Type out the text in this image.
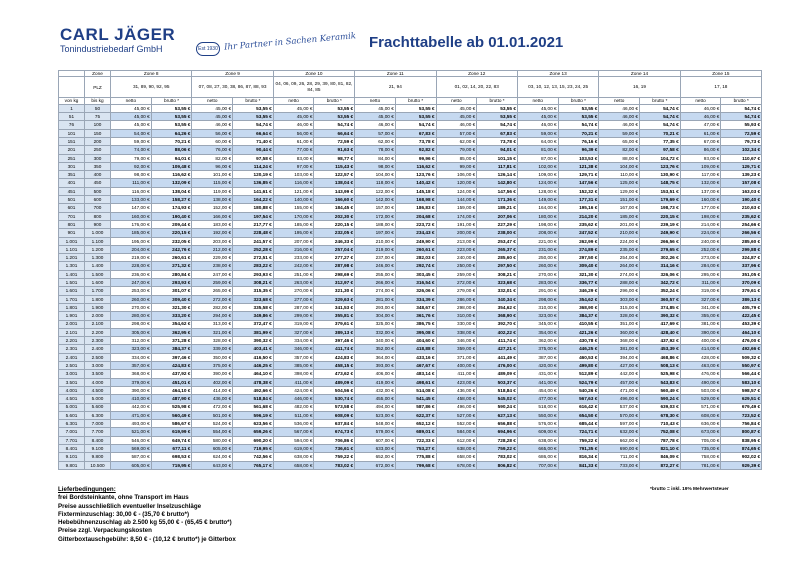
CARL JÄGER
Tonindustriebedarf GmbH	Est 1930 Ihr Partner in Sachen Keramik Frachttabelle ab 01.01.2021
	Zone	Zone 8		Zone 9		Zone 10		Zone 11		Zone 12		Zone 13		Zone 14		Zone 15	
	PLZ	31, 89, 90, 92, 95		07, 08, 27, 30, 38, 86, 87, 88, 93		04, 06, 09, 26, 28, 29, 39, 80, 81, 82, 84, 85		21, 94		01, 02, 14, 20, 22, 83		03, 10, 12, 13, 15, 23, 24, 25		16, 19		17, 18	
von kg	bis kg	netto	brutto *	netto	brutto *	netto	brutto *	netto	brutto *	netto	brutto *	netto	brutto *	netto	brutto *	netto	brutto *
1	50	45,00 €	53,55 €	45,00 €	53,55 €	45,00 €	53,55 €	45,00 €	53,55 €	45,00 €	53,55 €	45,00 €	53,55 €	46,00 €	54,74 €	46,00 €	54,74 €
51	75	45,00 €	53,55 €	45,00 €	53,55 €	45,00 €	53,55 €	45,00 €	53,55 €	45,00 €	53,55 €	45,00 €	53,55 €	46,00 €	54,74 €	46,00 €	54,74 €
76	100	45,00 €	53,55 €	46,00 €	54,74 €	46,00 €	54,74 €	46,00 €	54,74 €	46,00 €	54,74 €	46,00 €	54,74 €	46,00 €	54,74 €	47,00 €	55,93 €
101	150	54,00 €	64,26 €	56,00 €	66,64 €	56,00 €	66,64 €	57,00 €	67,83 €	57,00 €	67,83 €	59,00 €	70,21 €	59,00 €	70,21 €	61,00 €	72,59 €
151	200	59,00 €	70,21 €	60,00 €	71,40 €	61,00 €	72,59 €	62,00 €	73,78 €	62,00 €	73,78 €	64,00 €	76,16 €	65,00 €	77,35 €	67,00 €	79,73 €
201	250	74,00 €	88,06 €	76,00 €	90,44 €	77,00 €	91,63 €	78,00 €	92,82 €	79,00 €	94,01 €	81,00 €	96,39 €	82,00 €	97,58 €	86,00 €	102,34 €
251	300	79,00 €	94,01 €	82,00 €	97,58 €	83,00 €	98,77 €	84,00 €	99,96 €	85,00 €	101,15 €	87,00 €	103,53 €	88,00 €	104,72 €	93,00 €	110,67 €
301	350	92,00 €	109,48 €	96,00 €	114,24 €	97,00 €	115,43 €	98,00 €	116,62 €	99,00 €	117,81 €	102,00 €	121,38 €	104,00 €	123,76 €	109,00 €	129,71 €
351	400	98,00 €	116,62 €	101,00 €	120,19 €	103,00 €	122,57 €	104,00 €	123,76 €	106,00 €	126,14 €	109,00 €	129,71 €	110,00 €	130,90 €	117,00 €	139,23 €
401	450	111,00 €	132,09 €	115,00 €	136,85 €	116,00 €	138,04 €	118,00 €	140,42 €	120,00 €	142,80 €	124,00 €	147,56 €	125,00 €	148,75 €	132,00 €	157,08 €
451	500	116,00 €	138,04 €	119,00 €	141,61 €	121,00 €	143,99 €	122,00 €	145,18 €	124,00 €	147,56 €	128,00 €	152,32 €	129,00 €	153,51 €	137,00 €	163,03 €
501	600	133,00 €	158,27 €	138,00 €	164,22 €	140,00 €	166,60 €	142,00 €	168,98 €	144,00 €	171,36 €	149,00 €	177,31 €	151,00 €	179,69 €	160,00 €	190,40 €
601	700	147,00 €	174,93 €	152,00 €	180,88 €	155,00 €	184,45 €	157,00 €	186,83 €	159,00 €	189,21 €	164,00 €	195,16 €	167,00 €	198,73 €	177,00 €	210,63 €
701	800	160,00 €	190,40 €	166,00 €	197,54 €	170,00 €	202,30 €	172,00 €	204,68 €	174,00 €	207,06 €	180,00 €	214,20 €	185,00 €	220,15 €	198,00 €	235,62 €
801	900	176,00 €	209,44 €	183,00 €	217,77 €	185,00 €	220,15 €	188,00 €	223,72 €	191,00 €	227,29 €	198,00 €	235,62 €	201,00 €	239,19 €	214,00 €	254,66 €
901	1.000	185,00 €	220,15 €	192,00 €	228,48 €	195,00 €	232,05 €	197,00 €	234,43 €	200,00 €	238,00 €	208,00 €	247,52 €	210,00 €	249,90 €	224,00 €	266,56 €
1.001	1.100	195,00 €	232,05 €	203,00 €	241,57 €	207,00 €	246,33 €	210,00 €	249,90 €	213,00 €	253,47 €	221,00 €	262,99 €	224,00 €	266,56 €	240,00 €	285,60 €
1.101	1.200	204,00 €	242,76 €	212,00 €	252,28 €	216,00 €	257,04 €	219,00 €	260,61 €	223,00 €	265,37 €	231,00 €	274,89 €	235,00 €	279,65 €	252,00 €	299,88 €
1.201	1.300	219,00 €	260,61 €	229,00 €	272,51 €	233,00 €	277,27 €	237,00 €	282,03 €	240,00 €	285,60 €	250,00 €	297,50 €	254,00 €	302,26 €	273,00 €	324,87 €
1.301	1.400	228,00 €	271,32 €	238,00 €	283,22 €	242,00 €	287,98 €	246,00 €	292,74 €	250,00 €	297,50 €	260,00 €	309,40 €	264,00 €	314,16 €	284,00 €	337,96 €
1.401	1.500	236,00 €	280,84 €	247,00 €	293,93 €	251,00 €	298,69 €	255,00 €	303,45 €	259,00 €	308,21 €	270,00 €	321,30 €	274,00 €	326,06 €	295,00 €	351,05 €
1.501	1.600	247,00 €	293,93 €	259,00 €	308,21 €	263,00 €	312,97 €	266,00 €	316,54 €	272,00 €	323,68 €	283,00 €	336,77 €	288,00 €	342,72 €	311,00 €	370,09 €
1.601	1.700	253,00 €	301,07 €	265,00 €	315,35 €	270,00 €	321,30 €	274,00 €	326,06 €	279,00 €	332,01 €	291,00 €	346,29 €	296,00 €	352,24 €	319,00 €	379,61 €
1.701	1.800	260,00 €	309,40 €	272,00 €	323,68 €	277,00 €	329,63 €	281,00 €	334,39 €	286,00 €	340,34 €	298,00 €	354,62 €	303,00 €	360,57 €	327,00 €	389,13 €
1.801	1.900	270,00 €	321,30 €	282,00 €	335,58 €	287,00 €	341,53 €	293,00 €	348,67 €	298,00 €	354,62 €	310,00 €	368,90 €	315,00 €	374,85 €	341,00 €	405,79 €
1.901	2.000	280,00 €	333,20 €	294,00 €	349,86 €	299,00 €	355,81 €	304,00 €	361,76 €	310,00 €	368,90 €	323,00 €	384,37 €	328,00 €	390,32 €	355,00 €	422,45 €
2.001	2.100	298,00 €	354,62 €	313,00 €	372,47 €	319,00 €	379,61 €	325,00 €	386,75 €	330,00 €	392,70 €	345,00 €	410,55 €	351,00 €	417,69 €	381,00 €	453,39 €
2.101	2.200	305,00 €	362,95 €	321,00 €	381,99 €	327,00 €	389,13 €	332,00 €	395,08 €	338,00 €	402,22 €	354,00 €	421,26 €	360,00 €	428,40 €	390,00 €	464,10 €
2.201	2.300	312,00 €	371,28 €	328,00 €	390,32 €	334,00 €	397,46 €	340,00 €	404,60 €	346,00 €	411,74 €	362,00 €	430,78 €	368,00 €	437,92 €	400,00 €	476,00 €
2.301	2.400	323,00 €	384,37 €	339,00 €	403,41 €	346,00 €	411,74 €	352,00 €	418,88 €	359,00 €	427,21 €	375,00 €	446,25 €	381,00 €	453,39 €	414,00 €	492,66 €
2.401	2.500	334,00 €	397,46 €	350,00 €	416,50 €	357,00 €	424,83 €	364,00 €	433,16 €	371,00 €	441,49 €	387,00 €	460,53 €	394,00 €	468,86 €	428,00 €	509,32 €
2.501	3.000	357,00 €	424,83 €	375,00 €	446,25 €	385,00 €	458,15 €	393,00 €	467,67 €	400,00 €	476,00 €	420,00 €	499,80 €	427,00 €	508,13 €	463,00 €	550,97 €
3.001	3.500	368,00 €	437,92 €	390,00 €	464,10 €	398,00 €	473,62 €	406,00 €	483,14 €	411,00 €	489,09 €	431,00 €	512,89 €	442,00 €	525,98 €	476,00 €	566,44 €
3.501	4.000	379,00 €	451,01 €	402,00 €	478,38 €	411,00 €	489,09 €	419,00 €	498,61 €	423,00 €	503,37 €	441,00 €	524,79 €	457,00 €	543,83 €	490,00 €	583,10 €
4.001	4.500	390,00 €	464,10 €	414,00 €	492,66 €	424,00 €	504,56 €	432,00 €	514,08 €	436,00 €	518,84 €	454,00 €	540,26 €	471,00 €	560,49 €	503,00 €	598,57 €
4.501	5.000	410,00 €	487,90 €	436,00 €	518,84 €	446,00 €	530,74 €	455,00 €	541,45 €	458,00 €	545,02 €	477,00 €	567,63 €	496,00 €	590,24 €	529,00 €	629,51 €
5.001	5.600	442,00 €	525,98 €	472,00 €	561,68 €	482,00 €	573,58 €	494,00 €	587,86 €	496,00 €	590,24 €	518,00 €	616,42 €	537,00 €	639,03 €	571,00 €	679,49 €
5.601	6.300	471,00 €	560,49 €	501,00 €	596,19 €	511,00 €	608,09 €	523,00 €	622,37 €	527,00 €	627,13 €	550,00 €	654,50 €	570,00 €	678,30 €	608,00 €	723,52 €
6.301	7.000	493,00 €	586,67 €	524,00 €	623,56 €	536,00 €	637,84 €	548,00 €	652,12 €	552,00 €	656,88 €	576,00 €	685,44 €	597,00 €	710,43 €	636,00 €	756,84 €
7.001	7.700	521,00 €	619,99 €	554,00 €	659,26 €	567,00 €	674,73 €	579,00 €	689,01 €	584,00 €	694,96 €	609,00 €	724,71 €	632,00 €	752,08 €	673,00 €	800,87 €
7.701	8.400	546,00 €	649,74 €	580,00 €	690,20 €	594,00 €	706,86 €	607,00 €	722,33 €	612,00 €	728,28 €	638,00 €	759,22 €	662,00 €	787,78 €	705,00 €	838,95 €
8.401	9.100	569,00 €	677,11 €	605,00 €	719,95 €	619,00 €	736,61 €	633,00 €	753,27 €	638,00 €	759,22 €	665,00 €	791,35 €	690,00 €	821,10 €	735,00 €	874,65 €
9.101	9.800	587,00 €	698,53 €	624,00 €	742,56 €	638,00 €	759,22 €	652,00 €	775,88 €	658,00 €	783,02 €	686,00 €	816,34 €	711,00 €	846,09 €	758,00 €	902,02 €
9.801	10.500	605,00 €	719,95 €	643,00 €	765,17 €	658,00 €	783,02 €	672,00 €	799,68 €	678,00 €	806,82 €	707,00 €	841,33 €	733,00 €	872,27 €	781,00 €	929,39 €
Lieferbedingungen:
frei Bordsteinkante, ohne Transport im Haus
Preise ausschließlich eventueller Inselzuschläge
Fixterminzuschlag: 30,00 € - (35,70 € brutto*)
Hebebühnenzuschlag ab 2.500 kg 55,00 € - (65,45 € brutto*)
Preise zzgl. Verpackungskosten
Gitterboxtauschgebühr: 8,50 € - (10,12 € brutto*) je Gitterbox
*brutto = inkl. 19% Mehrwertsteuer
